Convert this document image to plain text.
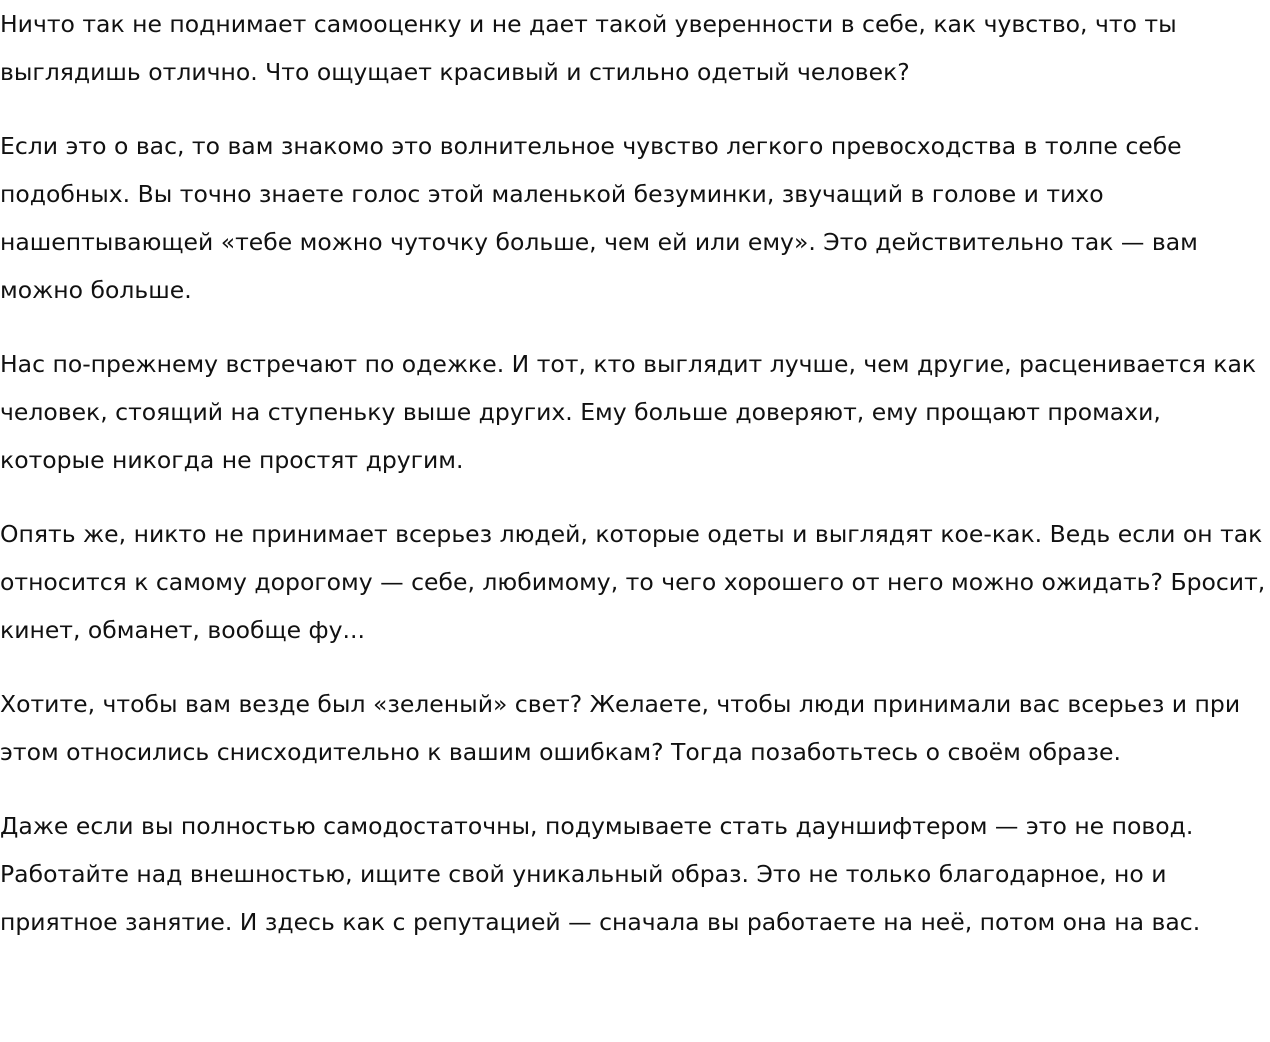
Ничто так не поднимает самооценку и не дает такой уверенности в себе, как чувство, что ты выглядишь отлично. Что ощущает красивый и стильно одетый человек?

Если это о вас, то вам знакомо это волнительное чувство легкого превосходства в толпе себе подобных. Вы точно знаете голос этой маленькой безуминки, звучащий в голове и тихо нашептывающей «тебе можно чуточку больше, чем ей или ему». Это действительно так — вам можно больше.

Нас по-прежнему встречают по одежке. И тот, кто выглядит лучше, чем другие, расценивается как человек, стоящий на ступеньку выше других. Ему больше доверяют, ему прощают промахи, которые никогда не простят другим.

Опять же, никто не принимает всерьез людей, которые одеты и выглядят кое-как. Ведь если он так относится к самому дорогому — себе, любимому, то чего хорошего от него можно ожидать? Бросит, кинет, обманет, вообще фу...

Хотите, чтобы вам везде был «зеленый» свет? Желаете, чтобы люди принимали вас всерьез и при этом относились снисходительно к вашим ошибкам? Тогда позаботьтесь о своём образе.

Даже если вы полностью самодостаточны, подумываете стать дауншифтером — это не повод. Работайте над внешностью, ищите свой уникальный образ. Это не только благодарное, но и приятное занятие. И здесь как с репутацией — сначала вы работаете на неё, потом она на вас.
